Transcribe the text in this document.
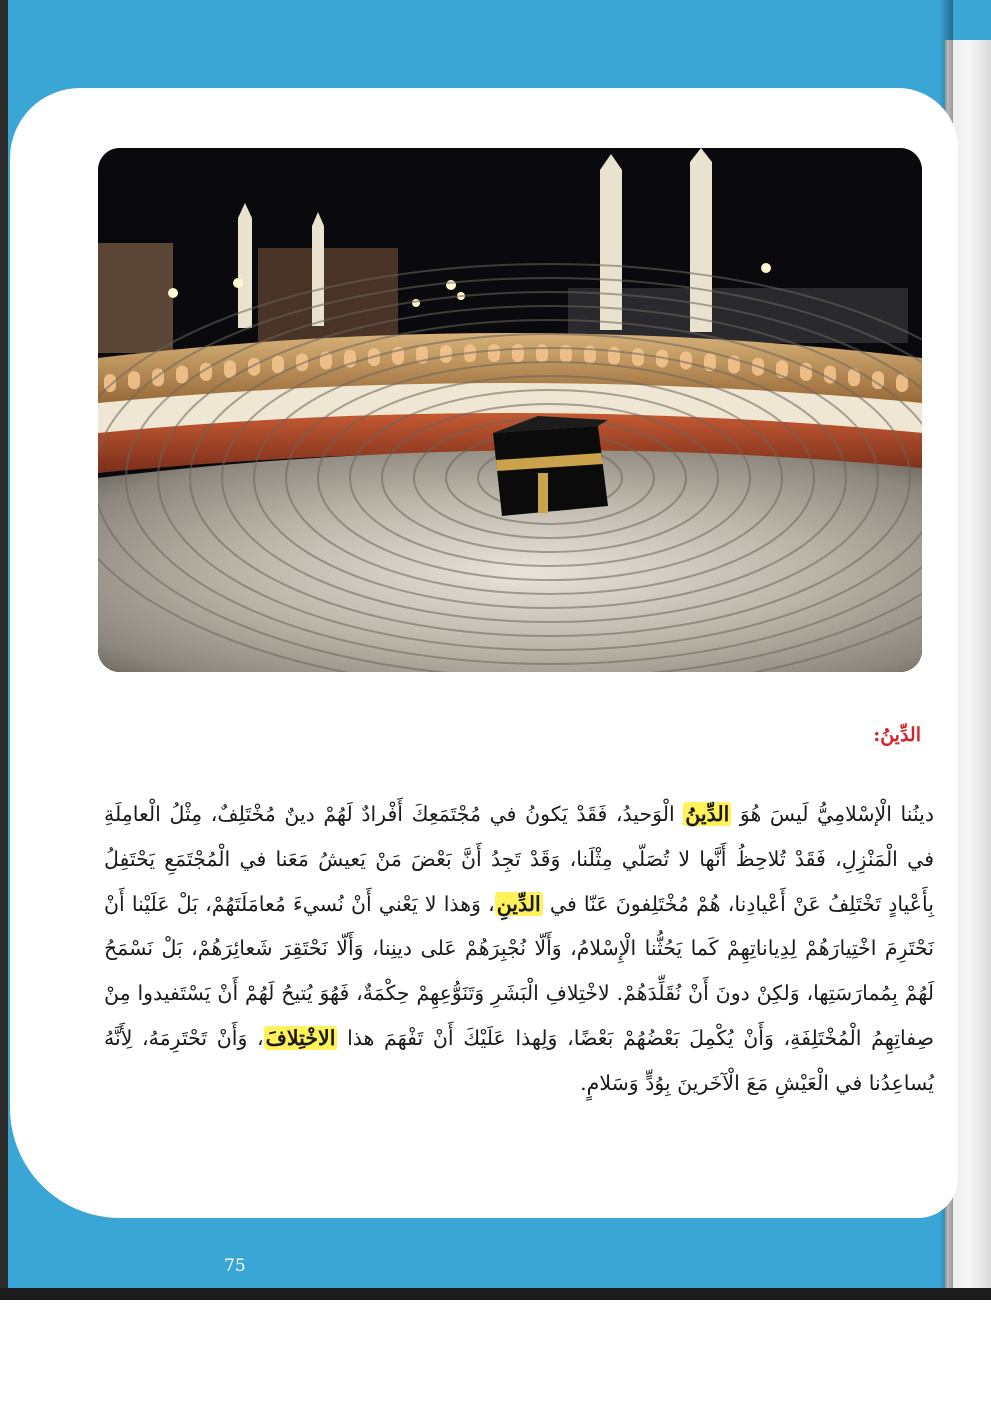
الدِّينُ:
دينُنا الْإسْلامِيُّ لَيسَ هُوَ الدِّينُ الْوَحيدُ، فَقَدْ يَكونُ في مُجْتَمَعِكَ أَفْرادٌ لَهُمْ دينٌ مُخْتَلِفٌ، مِثْلُ الْعامِلَةِ في الْمَنْزِلِ، فَقَدْ تُلاحِظُ أَنَّها لا تُصَلّي مِثْلَنا، وَقَدْ تَجِدُ أَنَّ بَعْضَ مَنْ يَعيشُ مَعَنا في الْمُجْتَمَعِ يَحْتَفِلُ بِأَعْيادٍ تَخْتَلِفُ عَنْ أَعْيادِنا، هُمْ مُخْتَلِفونَ عَنّا في الدِّينِ، وَهذا لا يَعْني أَنْ نُسيءَ مُعامَلَتَهُمْ، بَلْ عَلَيْنا أَنْ نَحْتَرِمَ اخْتِيارَهُمْ لِدِياناتِهِمْ كَما يَحُثُّنا الْإِسْلامُ، وَأَلّا نُجْبِرَهُمْ عَلى دينِنا، وَأَلّا نَحْتَقِرَ شَعائِرَهُمْ، بَلْ نَسْمَحُ لَهُمْ بِمُمارَسَتِها، وَلكِنْ دونَ أَنْ نُقَلِّدَهُمْ. لاخْتِلافِ الْبَشَرِ وَتَنَوُّعِهِمْ حِكْمَةٌ، فَهُوَ يُتيحُ لَهُمْ أَنْ يَسْتَفيدوا مِنْ صِفاتِهِمُ الْمُخْتَلِفَةِ، وَأَنْ يُكْمِلَ بَعْضُهُمْ بَعْضًا، وَلِهذا عَلَيْكَ أَنْ تَفْهَمَ هذا الاخْتِلافَ، وَأَنْ تَحْتَرِمَهُ، لِأَنَّهُ يُساعِدُنا في الْعَيْشِ مَعَ الْآخَرينَ بِوُدٍّ وَسَلامٍ.
75
